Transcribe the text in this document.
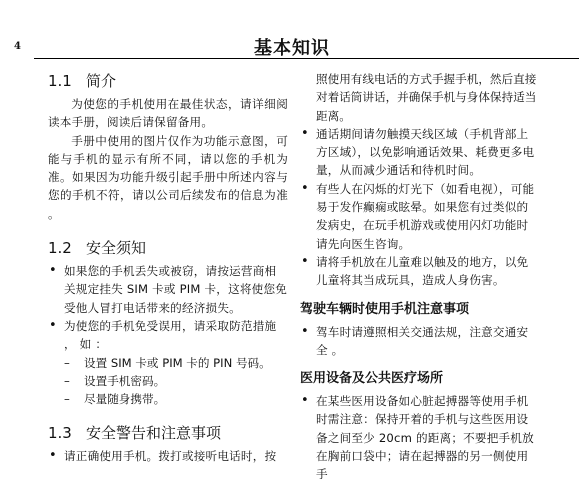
4	基本知识
1.1 简介

为使您的手机使用在最佳状态，请详细阅读本手册，阅读后请保留备用。

手册中使用的图片仅作为功能示意图，可能与手机的显示有所不同，请以您的手机为准。如果因为功能升级引起手册中所述内容与您的手机不符，请以公司后续发布的信息为准 。

1.2 安全须知
• 如果您的手机丢失或被窃，请按运营商相关规定挂失 SIM 卡或 PIM 卡，这将使您免受他人冒打电话带来的经济损失。
• 为使您的手机免受误用，请采取防范措施 ， 如 ：
– 设置 SIM 卡或 PIM 卡的 PIN 号码。
– 设置手机密码。
– 尽量随身携带。
1.3 安全警告和注意事项
• 请正确使用手机。拨打或接听电话时，按

照使用有线电话的方式手握手机，然后直接对着话筒讲话，并确保手机与身体保持适当距离。

• 通话期间请勿触摸天线区域（手机背部上方区域），以免影响通话效果、耗费更多电量，从而减少通话和待机时间。
• 有些人在闪烁的灯光下（如看电视），可能易于发作癫痫或眩晕。如果您有过类似的发病史，在玩手机游戏或使用闪灯功能时请先向医生咨询。
• 请将手机放在儿童难以触及的地方，以免儿童将其当成玩具，造成人身伤害。
驾驶车辆时使用手机注意事项
• 驾车时请遵照相关交通法规，注意交通安全 。
医用设备及公共医疗场所
• 在某些医用设备如心脏起搏器等使用手机时需注意：保持开着的手机与这些医用设备之间至少 20cm 的距离；不要把手机放在胸前口袋中；请在起搏器的另一侧使用手
